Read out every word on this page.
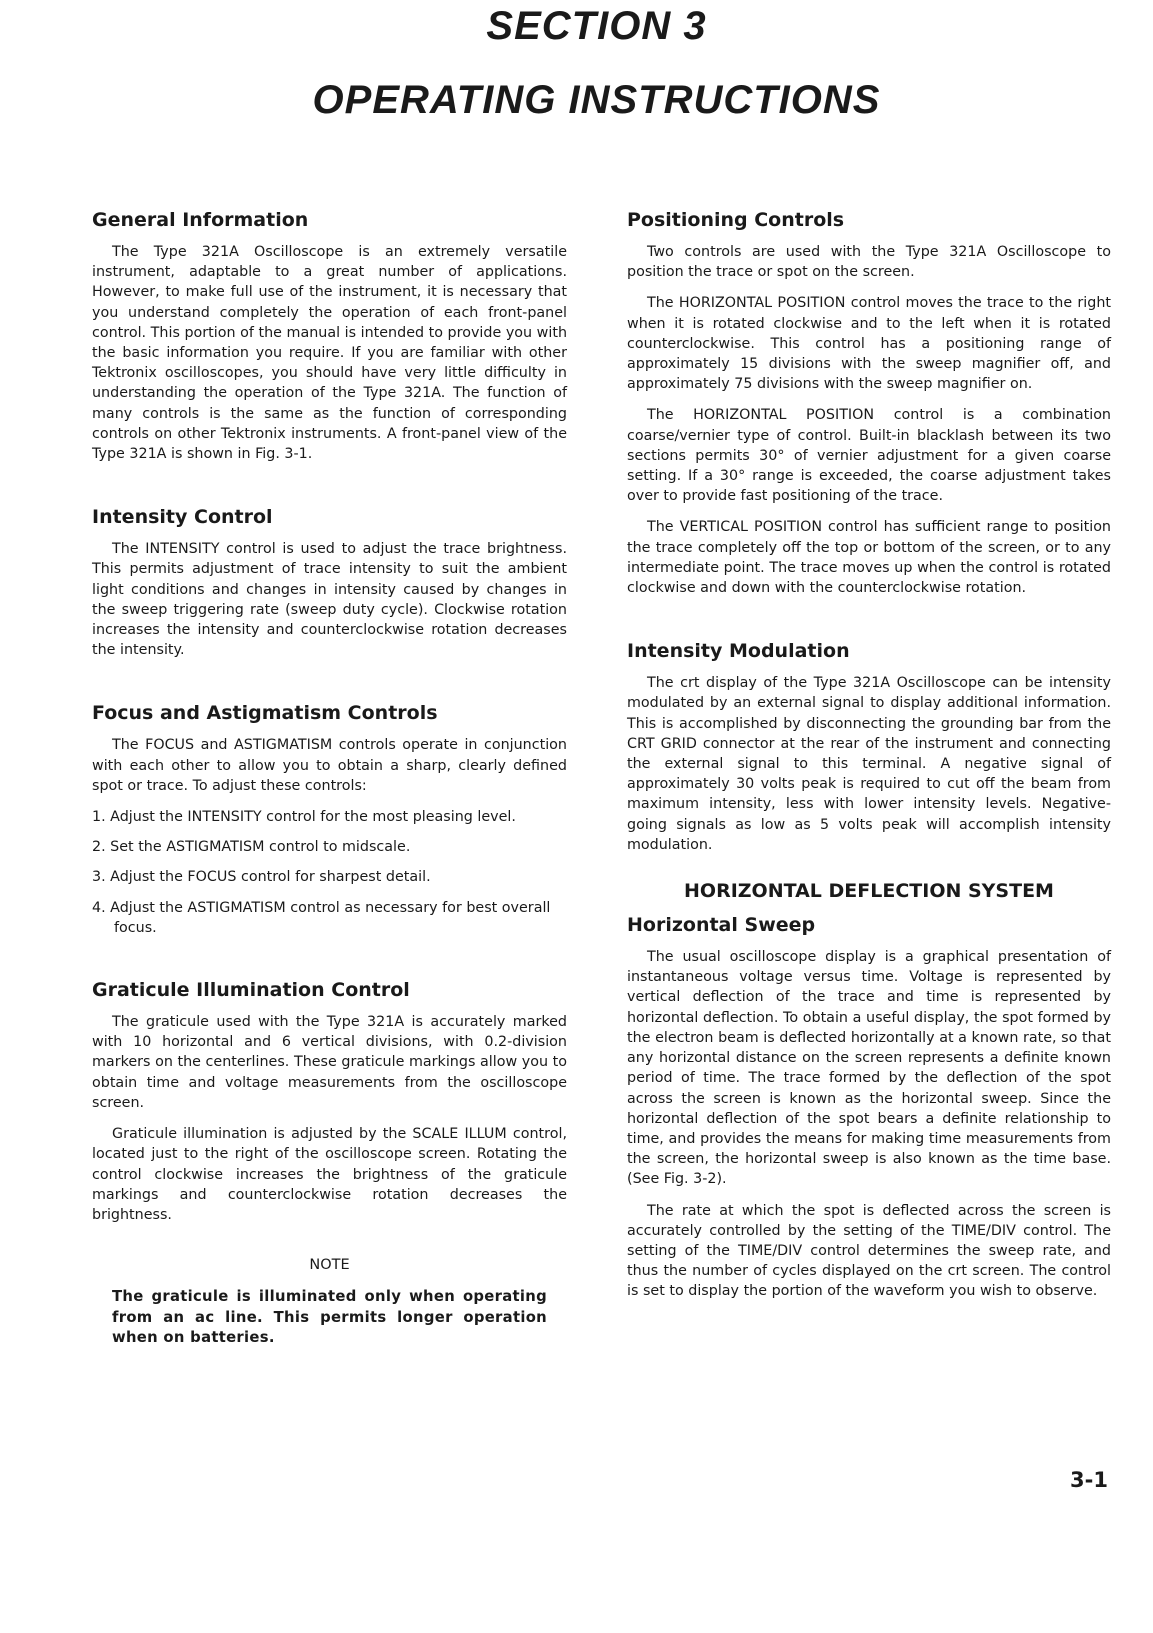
SECTION 3
OPERATING INSTRUCTIONS
General Information

The Type 321A Oscilloscope is an extremely versatile instrument, adaptable to a great number of applications. However, to make full use of the instrument, it is necessary that you understand completely the operation of each front-panel control. This portion of the manual is intended to provide you with the basic information you require. If you are familiar with other Tektronix oscilloscopes, you should have very little difficulty in understanding the operation of the Type 321A. The function of many controls is the same as the function of corresponding controls on other Tektronix instruments. A front-panel view of the Type 321A is shown in Fig. 3-1.

Intensity Control

The INTENSITY control is used to adjust the trace brightness. This permits adjustment of trace intensity to suit the ambient light conditions and changes in intensity caused by changes in the sweep triggering rate (sweep duty cycle). Clockwise rotation increases the intensity and counterclockwise rotation decreases the intensity.

Focus and Astigmatism Controls

The FOCUS and ASTIGMATISM controls operate in conjunction with each other to allow you to obtain a sharp, clearly defined spot or trace. To adjust these controls:

1. Adjust the INTENSITY control for the most pleasing level.
2. Set the ASTIGMATISM control to midscale.
3. Adjust the FOCUS control for sharpest detail.
4. Adjust the ASTIGMATISM control as necessary for best overall focus.
Graticule Illumination Control

The graticule used with the Type 321A is accurately marked with 10 horizontal and 6 vertical divisions, with 0.2-division markers on the centerlines. These graticule markings allow you to obtain time and voltage measurements from the oscilloscope screen.

Graticule illumination is adjusted by the SCALE ILLUM control, located just to the right of the oscilloscope screen. Rotating the control clockwise increases the brightness of the graticule markings and counterclockwise rotation decreases the brightness.

NOTE
The graticule is illuminated only when operating from an ac line. This permits longer operation when on batteries.
Positioning Controls

Two controls are used with the Type 321A Oscilloscope to position the trace or spot on the screen.

The HORIZONTAL POSITION control moves the trace to the right when it is rotated clockwise and to the left when it is rotated counterclockwise. This control has a positioning range of approximately 15 divisions with the sweep magnifier off, and approximately 75 divisions with the sweep magnifier on.

The HORIZONTAL POSITION control is a combination coarse/vernier type of control. Built-in blacklash between its two sections permits 30° of vernier adjustment for a given coarse setting. If a 30° range is exceeded, the coarse adjustment takes over to provide fast positioning of the trace.

The VERTICAL POSITION control has sufficient range to position the trace completely off the top or bottom of the screen, or to any intermediate point. The trace moves up when the control is rotated clockwise and down with the counterclockwise rotation.

Intensity Modulation

The crt display of the Type 321A Oscilloscope can be intensity modulated by an external signal to display additional information. This is accomplished by disconnecting the grounding bar from the CRT GRID connector at the rear of the instrument and connecting the external signal to this terminal. A negative signal of approximately 30 volts peak is required to cut off the beam from maximum intensity, less with lower intensity levels. Negative-going signals as low as 5 volts peak will accomplish intensity modulation.

HORIZONTAL DEFLECTION SYSTEM
Horizontal Sweep

The usual oscilloscope display is a graphical presentation of instantaneous voltage versus time. Voltage is represented by vertical deflection of the trace and time is represented by horizontal deflection. To obtain a useful display, the spot formed by the electron beam is deflected horizontally at a known rate, so that any horizontal distance on the screen represents a definite known period of time. The trace formed by the deflection of the spot across the screen is known as the horizontal sweep. Since the horizontal deflection of the spot bears a definite relationship to time, and provides the means for making time measurements from the screen, the horizontal sweep is also known as the time base. (See Fig. 3-2).

The rate at which the spot is deflected across the screen is accurately controlled by the setting of the TIME/DIV control. The setting of the TIME/DIV control determines the sweep rate, and thus the number of cycles displayed on the crt screen. The control is set to display the portion of the waveform you wish to observe.

3-1
